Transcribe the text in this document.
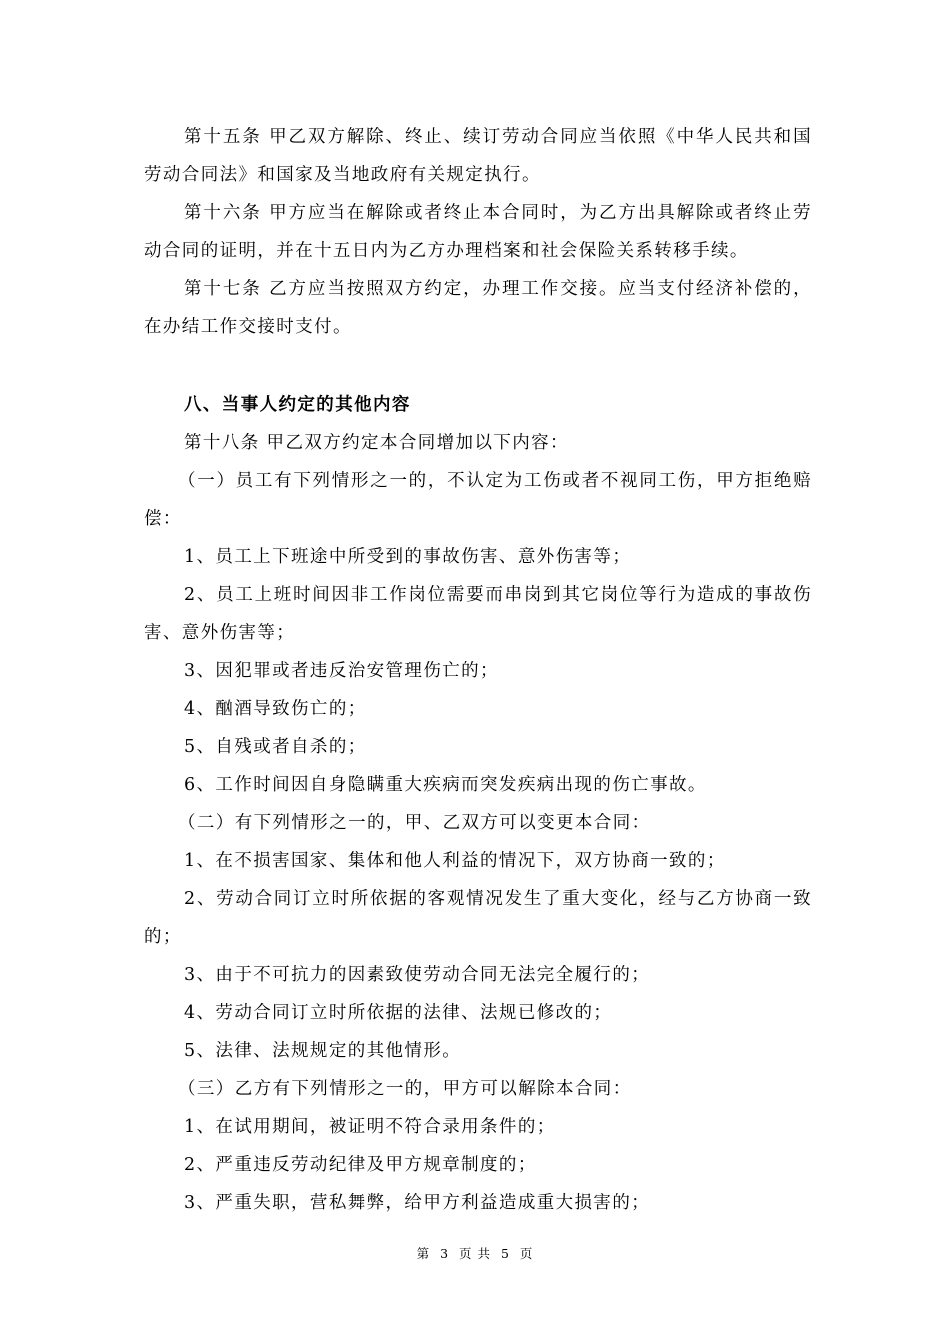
第十五条 甲乙双方解除、终止、续订劳动合同应当依照《中华人民共和国劳动合同法》和国家及当地政府有关规定执行。

第十六条 甲方应当在解除或者终止本合同时，为乙方出具解除或者终止劳动合同的证明，并在十五日内为乙方办理档案和社会保险关系转移手续。

第十七条 乙方应当按照双方约定，办理工作交接。应当支付经济补偿的，在办结工作交接时支付。

八、当事人约定的其他内容

第十八条 甲乙双方约定本合同增加以下内容：

（一）员工有下列情形之一的，不认定为工伤或者不视同工伤，甲方拒绝赔偿：

1、员工上下班途中所受到的事故伤害、意外伤害等；

2、员工上班时间因非工作岗位需要而串岗到其它岗位等行为造成的事故伤害、意外伤害等；

3、因犯罪或者违反治安管理伤亡的；

4、酗酒导致伤亡的；

5、自残或者自杀的；

6、工作时间因自身隐瞒重大疾病而突发疾病出现的伤亡事故。

（二）有下列情形之一的，甲、乙双方可以变更本合同：

1、在不损害国家、集体和他人利益的情况下，双方协商一致的；

2、劳动合同订立时所依据的客观情况发生了重大变化，经与乙方协商一致的；

3、由于不可抗力的因素致使劳动合同无法完全履行的；

4、劳动合同订立时所依据的法律、法规已修改的；

5、法律、法规规定的其他情形。

（三）乙方有下列情形之一的，甲方可以解除本合同：

1、在试用期间，被证明不符合录用条件的；

2、严重违反劳动纪律及甲方规章制度的；

3、严重失职，营私舞弊，给甲方利益造成重大损害的；

第 3 页 共 5 页
